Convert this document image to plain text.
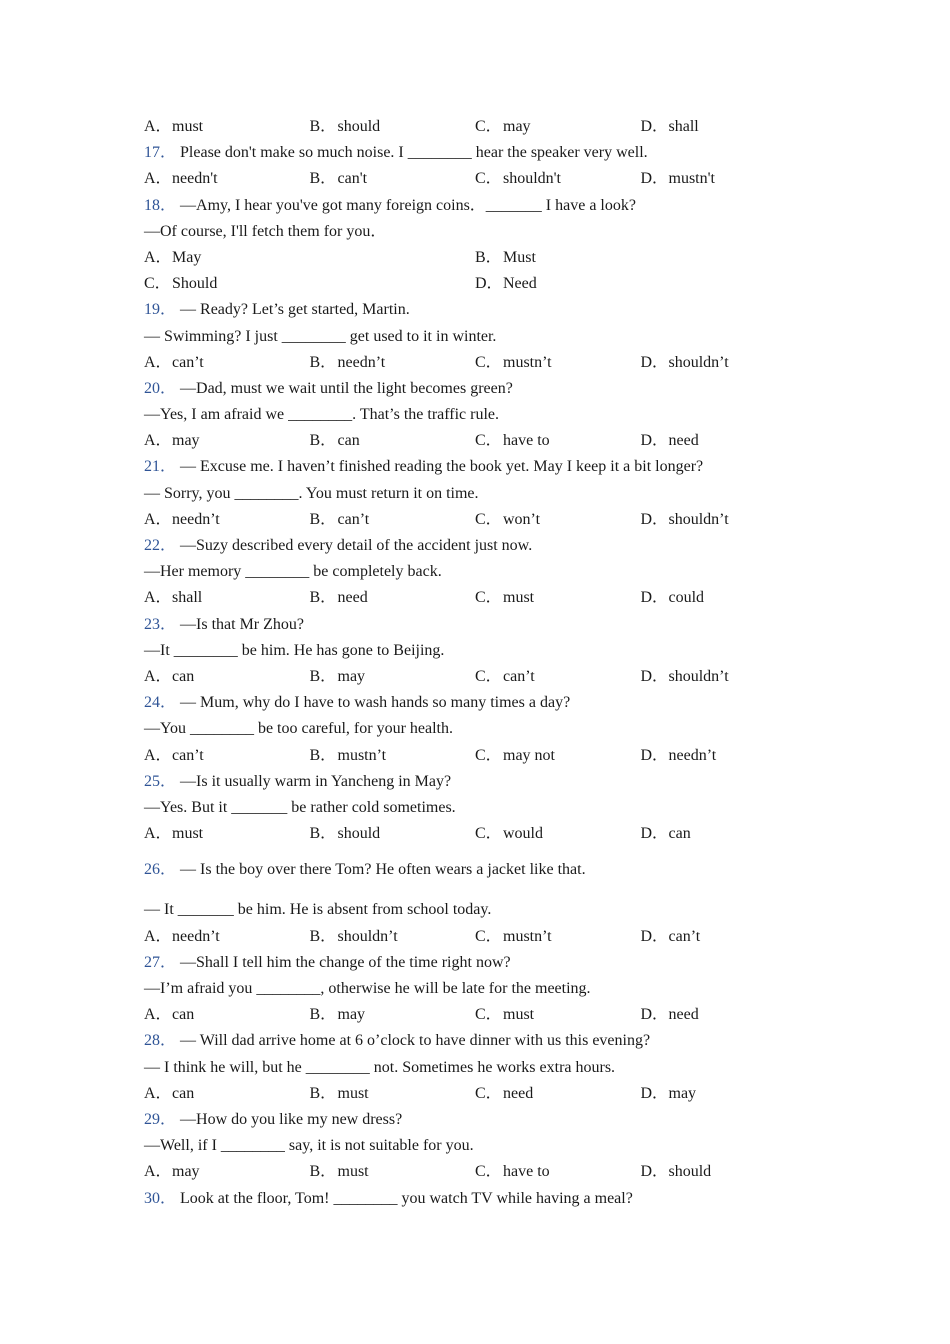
A．must	B．should	C．may	D．shall
17． Please don't make so much noise. I ________ hear the speaker very well.
A．needn't	B．can't	C．shouldn't	D．mustn't
18． —Amy, I hear you've got many foreign coins．_______ I have a look?
—Of course, I'll fetch them for you．
A．May	B．Must
C．Should	D．Need
19． — Ready? Let’s get started, Martin.
— Swimming? I just ________ get used to it in winter.
A．can’t	B．needn’t	C．mustn’t	D．shouldn’t
20． —Dad, must we wait until the light becomes green?
—Yes, I am afraid we ________. That’s the traffic rule.
A．may	B．can	C．have to	D．need
21． — Excuse me. I haven’t finished reading the book yet. May I keep it a bit longer?
— Sorry, you ________. You must return it on time.
A．needn’t	B．can’t	C．won’t	D．shouldn’t
22． —Suzy described every detail of the accident just now.
—Her memory ________ be completely back.
A．shall	B．need	C．must	D．could
23． —Is that Mr Zhou?
—It ________ be him. He has gone to Beijing.
A．can	B．may	C．can’t	D．shouldn’t
24． — Mum, why do I have to wash hands so many times a day?
—You ________ be too careful, for your health.
A．can’t	B．mustn’t	C．may not	D．needn’t
25． —Is it usually warm in Yancheng in May?
—Yes. But it _______ be rather cold sometimes.
A．must	B．should	C．would	D．can
26． — Is the boy over there Tom? He often wears a jacket like that.
— It _______ be him. He is absent from school today.
A．needn’t	B．shouldn’t	C．mustn’t	D．can’t
27． —Shall I tell him the change of the time right now?
—I’m afraid you ________, otherwise he will be late for the meeting.
A．can	B．may	C．must	D．need
28． — Will dad arrive home at 6 o’clock to have dinner with us this evening?
— I think he will, but he ________ not. Sometimes he works extra hours.
A．can	B．must	C．need	D．may
29． —How do you like my new dress?
—Well, if I ________ say, it is not suitable for you.
A．may	B．must	C．have to	D．should
30． Look at the floor, Tom! ________ you watch TV while having a meal?
